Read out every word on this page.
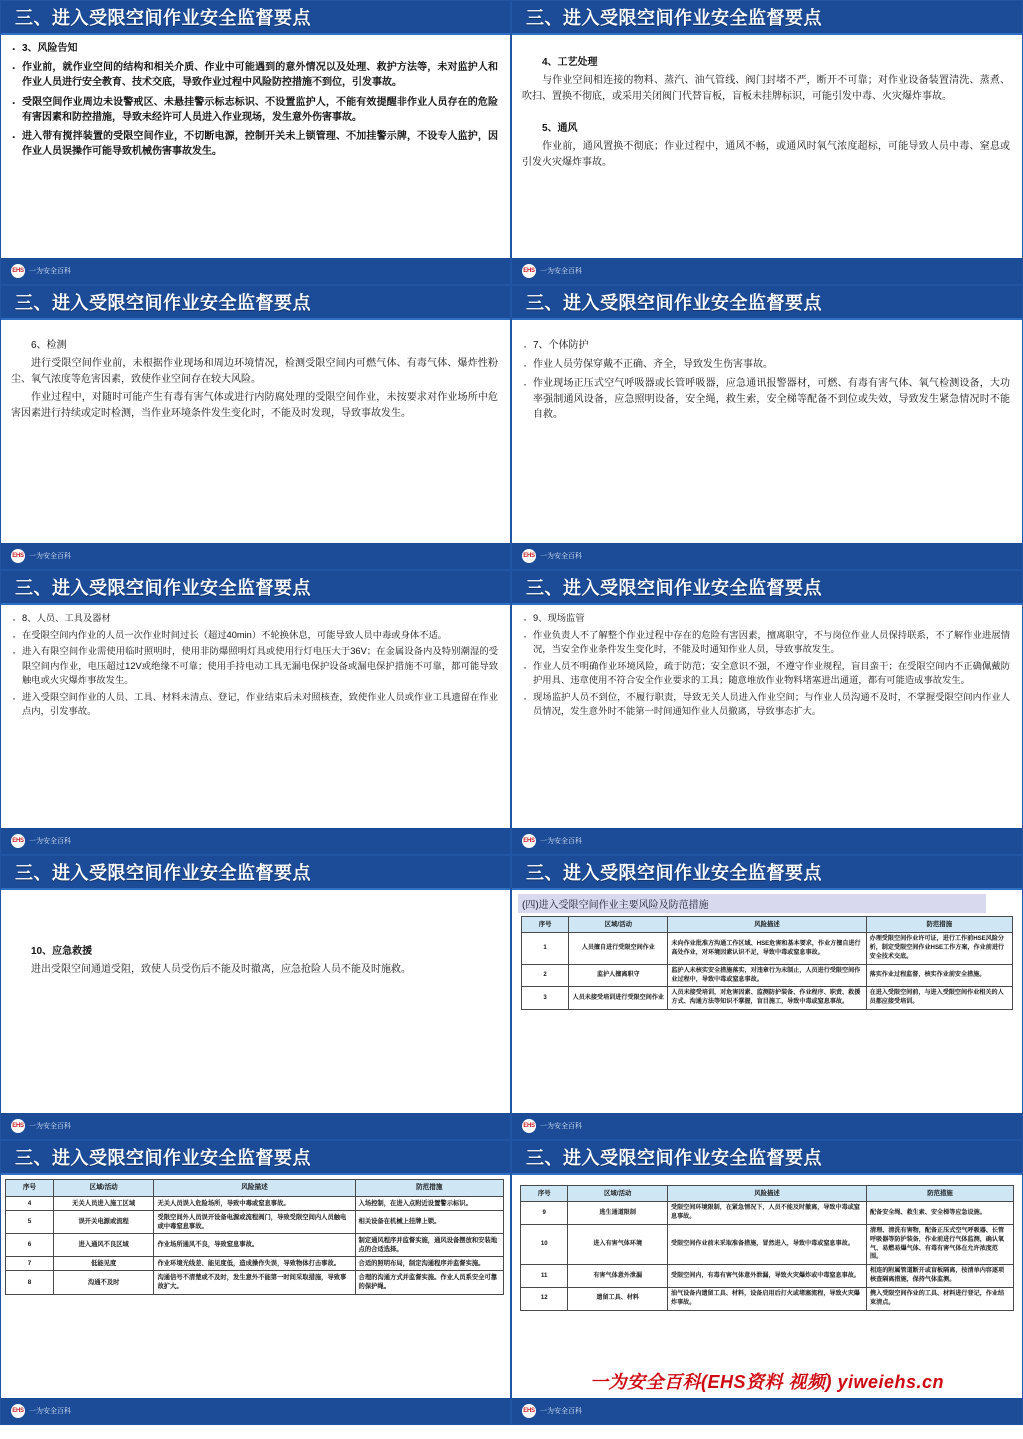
三、进入受限空间作业安全监督要点
· 3、风险告知
· 作业前，就作业空间的结构和相关介质、作业中可能遇到的意外情况以及处理、救护方法等，未对监护人和作业人员进行安全教育、技术交底，导致作业过程中风险防控措施不到位，引发事故。
· 受限空间作业周边未设警戒区、未悬挂警示标志标识、不设置监护人，不能有效提醒非作业人员存在的危险有害因素和防控措施，导致未经许可人员进入作业现场，发生意外伤害事故。
· 进入带有搅拌装置的受限空间作业，不切断电源，控制开关未上锁管理、不加挂警示牌，不设专人监护，因作业人员误操作可能导致机械伤害事故发生。
EHS 一为安全百科
三、进入受限空间作业安全监督要点

4、工艺处理

与作业空间相连接的物料、蒸汽、油气管线、阀门封堵不严，断开不可靠；对作业设备装置清洗、蒸煮、吹扫、置换不彻底，或采用关闭阀门代替盲板，盲板未挂牌标识，可能引发中毒、火灾爆炸事故。

5、通风

作业前，通风置换不彻底；作业过程中，通风不畅，或通风时氧气浓度超标，可能导致人员中毒、窒息或引发火灾爆炸事故。

EHS 一为安全百科
三、进入受限空间作业安全监督要点

6、检测

进行受限空间作业前，未根据作业现场和周边环境情况，检测受限空间内可燃气体、有毒气体、爆炸性粉尘、氧气浓度等危害因素，致使作业空间存在较大风险。

作业过程中，对随时可能产生有毒有害气体或进行内防腐处理的受限空间作业，未按要求对作业场所中危害因素进行持续或定时检测，当作业环境条件发生变化时，不能及时发现，导致事故发生。

EHS 一为安全百科
三、进入受限空间作业安全监督要点
· 7、个体防护
· 作业人员劳保穿戴不正确、齐全，导致发生伤害事故。
· 作业现场正压式空气呼吸器或长管呼吸器，应急通讯报警器材，可燃、有毒有害气体、氧气检测设备，大功率强制通风设备，应急照明设备，安全绳，救生索，安全梯等配备不到位或失效，导致发生紧急情况时不能自救。
EHS 一为安全百科
三、进入受限空间作业安全监督要点
· 8、人员、工具及器材
· 在受限空间内作业的人员一次作业时间过长（超过40min）不轮换休息，可能导致人员中毒或身体不适。
· 进入有限空间作业需使用临时照明时，使用非防爆照明灯具或使用行灯电压大于36V；在金属设备内及特别潮湿的受限空间内作业，电压超过12V或绝缘不可靠；使用手持电动工具无漏电保护设备或漏电保护措施不可靠，都可能导致触电或火灾爆炸事故发生。
· 进入受限空间作业的人员、工具、材料未清点、登记，作业结束后未对照核查，致使作业人员或作业工具遗留在作业点内，引发事故。
EHS 一为安全百科
三、进入受限空间作业安全监督要点
· 9、现场监管
· 作业负责人不了解整个作业过程中存在的危险有害因素，擅离职守，不与岗位作业人员保持联系，不了解作业进展情况，当安全作业条件发生变化时，不能及时通知作业人员，导致事故发生。
· 作业人员不明确作业环境风险，疏于防范；安全意识不强，不遵守作业规程，盲目蛮干；在受限空间内不正确佩戴防护用具、违章使用不符合安全作业要求的工具；随意堆放作业物料堵塞进出通道，都有可能造成事故发生。
· 现场监护人员不到位，不履行职责，导致无关人员进入作业空间；与作业人员沟通不及时，不掌握受限空间内作业人员情况，发生意外时不能第一时间通知作业人员撤离，导致事态扩大。
EHS 一为安全百科
三、进入受限空间作业安全监督要点

10、应急救援

进出受限空间通道受阻，致使人员受伤后不能及时撤离，应急抢险人员不能及时施救。

EHS 一为安全百科
三、进入受限空间作业安全监督要点
(四)进入受限空间作业主要风险及防范措施
序号	区域/活动	风险描述	防范措施
1	人员擅自进行受限空间作业	未向作业批准方沟通工作区域、HSE危害和基本要求，作业方擅自进行高处作业，对环境因素认识不足，导致中毒或窒息事故。	办理受限空间作业许可证，进行工作前HSE风险分析，制定受限空间作业HSE工作方案，作业前进行安全技术交底。
2	监护人擅离职守	监护人未核实安全措施落实，对违章行为未制止，人员进行受限空间作业过程中，导致中毒或窒息事故。	落实作业过程监督，核实作业前安全措施。
3	人员未接受培训进行受限空间作业	人员未接受培训，对危害因素、监测防护装备、作业程序、职责、救援方式、沟通方法等知识不掌握，盲目施工，导致中毒或窒息事故。	在进入受限空间前，与进入受限空间作业相关的人员都应接受培训。
EHS 一为安全百科
三、进入受限空间作业安全监督要点
序号	区域/活动	风险描述	防范措施
4	无关人员进入施工区域	无关人员误入危险场所，导致中毒或窒息事故。	入场控制，在进入点附近设置警示标识。
5	误开关电源或流程	受限空间外人员误开设备电源或流程阀门，导致受限空间内人员触电或中毒窒息事故。	相关设备在机械上挂牌上锁。
6	进入通风不良区域	作业场所通风不良，导致窒息事故。	制定通风程序并监督实施，通风设备摆放和安装地点的合适选择。
7	低能见度	作业环境光线差、能见度低，造成操作失误，导致物体打击事故。	合适的照明布局，制定沟通程序并监督实施。
8	沟通不及时	沟通信号不清楚或不及时，发生意外不能第一时间采取措施，导致事故扩大。	合理的沟通方式并监督实施。作业人员系安全可靠的保护绳。
EHS 一为安全百科
三、进入受限空间作业安全监督要点
序号	区域/活动	风险描述	防范措施
9	逃生通道限制	受限空间环境限制，在紧急情况下，人员不能及时撤离，导致中毒或窒息事故。	配备安全绳、救生索、安全梯等应急设施。
10	进入有害气体环境	受限空间作业前未采取准备措施，冒然进入，导致中毒或窒息事故。	清理、清洗有害物，配备正压式空气呼吸器、长管呼吸器等防护装备，作业前进行气体监测，确认氧气、易燃易爆气体、有毒有害气体在允许浓度范围。
11	有害气体意外泄漏	受限空间内，有毒有害气体意外泄漏，导致火灾爆炸或中毒窒息事故。	相连的附属管道断开或盲板隔离，按清单内容逐项核查隔离措施，保持气体监测。
12	遗留工具、材料	油气设备内遗留工具、材料，设备启用后打火或堵塞流程，导致火灾爆炸事故。	携入受限空间作业的工具、材料进行登记，作业结束清点。
一为安全百科(EHS资料 视频) yiweiehs.cn
EHS 一为安全百科
